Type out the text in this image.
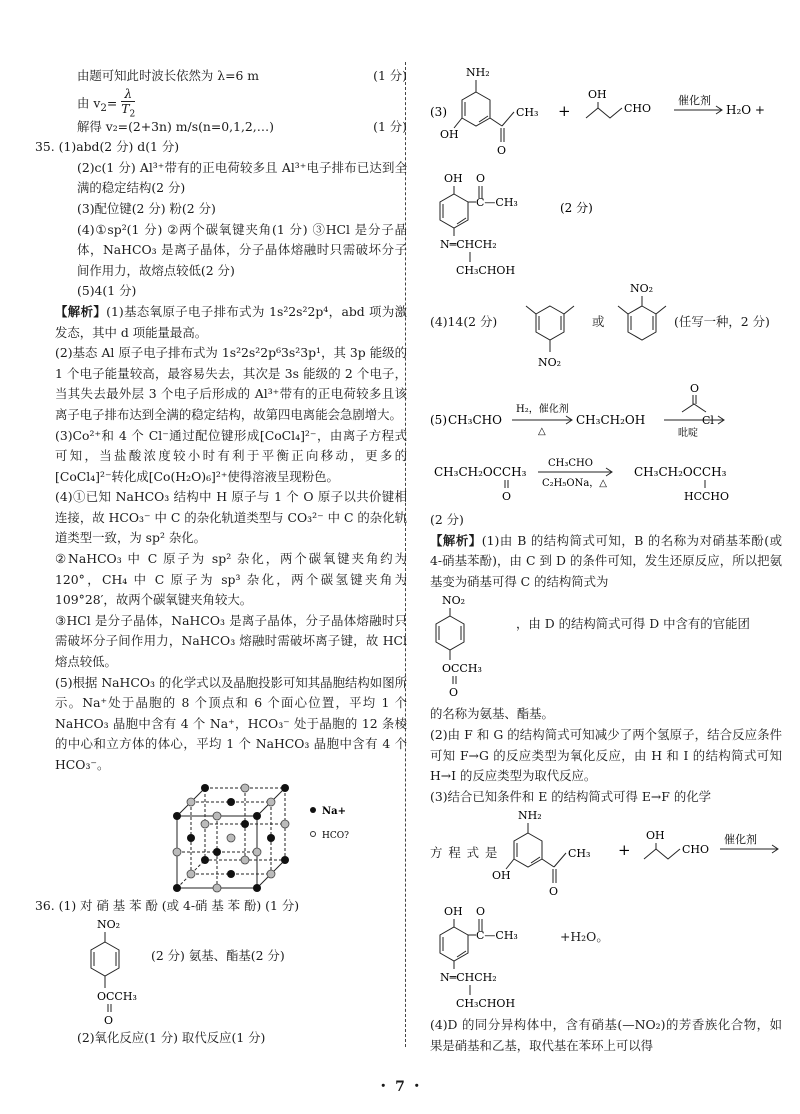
由题可知此时波长依然为 λ=6 m	(1 分)

由 $v_2= \frac{\lambda}{T_2}$

解得 v₂=(2+3n) m/s(n=0,1,2,…)	(1 分)

35. (1)abd(2 分) d(1 分)

(2)c(1 分) Al³⁺带有的正电荷较多且 Al³⁺电子排布已达到全满的稳定结构(2 分)

(3)配位键(2 分) 粉(2 分)

(4)①sp²(1 分) ②两个碳氧键夹角(1 分) ③HCl 是分子晶体，NaHCO₃ 是离子晶体，分子晶体熔融时只需破坏分子间作用力，故熔点较低(2 分)

(5)4(1 分)

【解析】(1)基态氧原子电子排布式为 1s²2s²2p⁴，abd 项为激发态，其中 d 项能量最高。

(2)基态 Al 原子电子排布式为 1s²2s²2p⁶3s²3p¹，其 3p 能级的 1 个电子能量较高，最容易失去，其次是 3s 能级的 2 个电子，当其失去最外层 3 个电子后形成的 Al³⁺带有的正电荷较多且该离子电子排布达到全满的稳定结构，故第四电离能会急剧增大。

(3)Co²⁺和 4 个 Cl⁻通过配位键形成[CoCl₄]²⁻，由离子方程式可知，当盐酸浓度较小时有利于平衡正向移动，更多的[CoCl₄]²⁻转化成[Co(H₂O)₆]²⁺使得溶液呈现粉色。

(4)①已知 NaHCO₃ 结构中 H 原子与 1 个 O 原子以共价键相连接，故 HCO₃⁻ 中 C 的杂化轨道类型与 CO₃²⁻ 中 C 的杂化轨道类型一致，为 sp² 杂化。

②NaHCO₃ 中 C 原子为 sp² 杂化，两个碳氧键夹角约为 120°，CH₄ 中 C 原子为 sp³ 杂化，两个碳氢键夹角为 109°28′，故两个碳氧键夹角较大。

③HCl 是分子晶体，NaHCO₃ 是离子晶体，分子晶体熔融时只需破坏分子间作用力，NaHCO₃ 熔融时需破坏离子键，故 HCl 熔点较低。

(5)根据 NaHCO₃ 的化学式以及晶胞投影可知其晶胞结构如图所示。Na⁺处于晶胞的 8 个顶点和 6 个面心位置，平均 1 个 NaHCO₃ 晶胞中含有 4 个 Na⁺，HCO₃⁻ 处于晶胞的 12 条棱的中心和立方体的体心，平均 1 个 NaHCO₃ 晶胞中含有 4 个 HCO₃⁻。

Na+
HCO?

36. (1) 对 硝 基 苯 酚 (或 4-硝 基 苯 酚) (1 分)

NO₂
OCCH₃
O
(2 分) 氨基、酯基(2 分)

(2)氧化反应(1 分) 取代反应(1 分)

(3)
NH₂
OH
CH₃
O
+
OH
CHO
催化剂
H₂O +
OH O
C—CH₃	(2 分)
N═CHCH₂
CH₃CHOH
(4)14(2 分)
NO₂
或
NO₂
(任写一种，2 分)
(5) CH₃CHO
H₂，催化剂
△
CH₃CH₂OH
O
Cl
吡啶
CH₃CH₂OCCH₃
O
CH₃CHO
C₂H₅ONa，△
CH₃CH₂OCCH₃
HCCHO

(2 分)

【解析】(1)由 B 的结构简式可知，B 的名称为对硝基苯酚(或 4-硝基苯酚)，由 C 到 D 的条件可知，发生还原反应，所以把氨基变为硝基可得 C 的结构简式为

NO₂
OCCH₃
O
，由 D 的结构简式可得 D 中含有的官能团

的名称为氨基、酯基。

(2)由 F 和 G 的结构简式可知减少了两个氢原子，结合反应条件可知 F→G 的反应类型为氧化反应，由 H 和 I 的结构简式可知 H→I 的反应类型为取代反应。

(3)结合已知条件和 E 的结构简式可得 E→F 的化学

方 程 式 是
NH₂
OH
CH₃
O
+
OH
CHO
催化剂
OH O
C—CH₃
N═CHCH₂
CH₃CHOH
+H₂O。

(4)D 的同分异构体中，含有硝基(—NO₂)的芳香族化合物，如果是硝基和乙基，取代基在苯环上可以得

・ 7 ・
